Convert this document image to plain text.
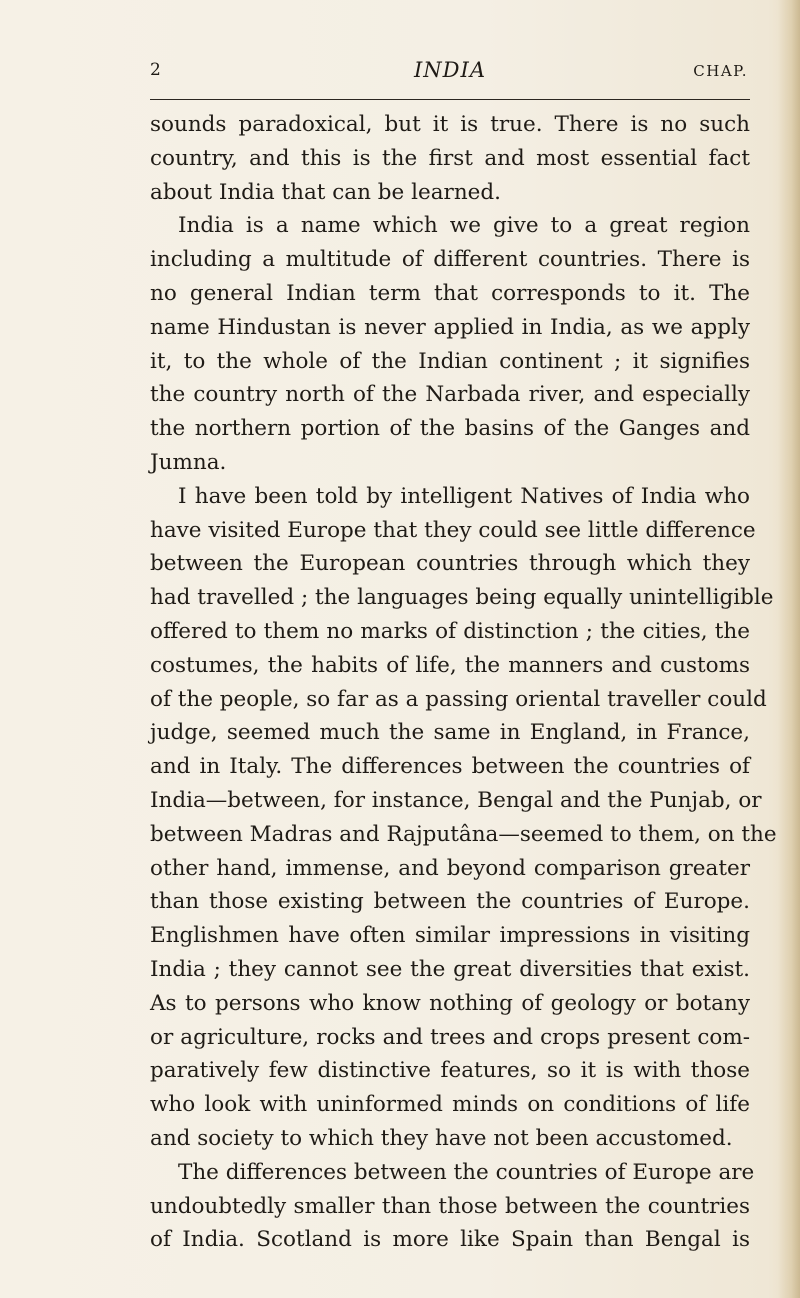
2	INDIA	CHAP.
sounds paradoxical, but it is true. There is no such
country, and this is the first and most essential fact
about India that can be learned.
India is a name which we give to a great region
including a multitude of different countries. There is
no general Indian term that corresponds to it. The
name Hindustan is never applied in India, as we apply
it, to the whole of the Indian continent ; it signifies
the country north of the Narbada river, and especially
the northern portion of the basins of the Ganges and
Jumna.
I have been told by intelligent Natives of India who
have visited Europe that they could see little difference
between the European countries through which they
had travelled ; the languages being equally unintelligible
offered to them no marks of distinction ; the cities, the
costumes, the habits of life, the manners and customs
of the people, so far as a passing oriental traveller could
judge, seemed much the same in England, in France,
and in Italy. The differences between the countries of
India—between, for instance, Bengal and the Punjab, or
between Madras and Rajputâna—seemed to them, on the
other hand, immense, and beyond comparison greater
than those existing between the countries of Europe.
Englishmen have often similar impressions in visiting
India ; they cannot see the great diversities that exist.
As to persons who know nothing of geology or botany
or agriculture, rocks and trees and crops present com-
paratively few distinctive features, so it is with those
who look with uninformed minds on conditions of life
and society to which they have not been accustomed.
The differences between the countries of Europe are
undoubtedly smaller than those between the countries
of India. Scotland is more like Spain than Bengal is
